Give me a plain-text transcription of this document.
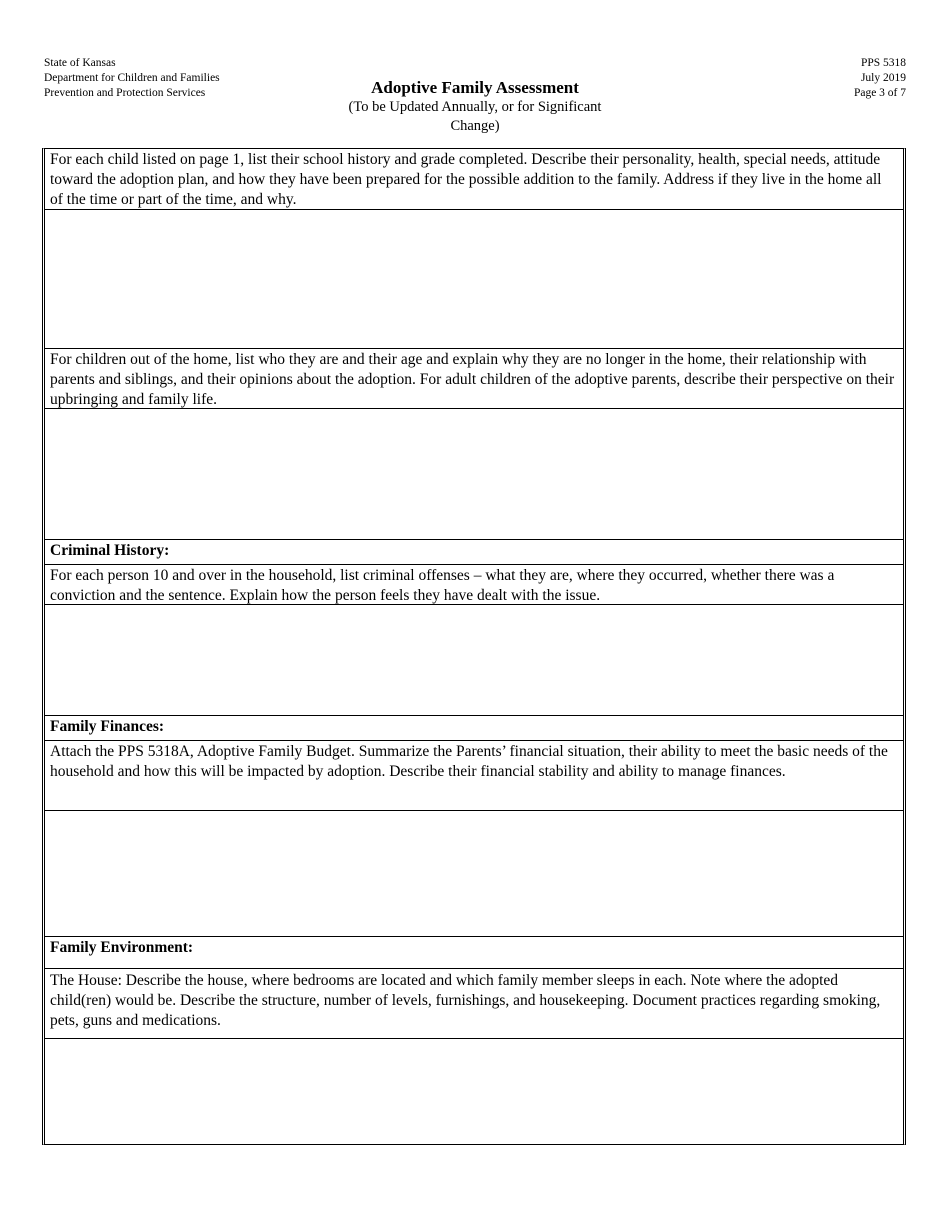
State of Kansas
Department for Children and Families
Prevention and Protection Services	Adoptive Family Assessment
(To be Updated Annually, or for Significant
Change)
PPS 5318
July 2019
Page 3 of 7
For each child listed on page 1, list their school history and grade completed. Describe their personality, health, special needs, attitude toward the adoption plan, and how they have been prepared for the possible addition to the family. Address if they live in the home all of the time or part of the time, and why.
For children out of the home, list who they are and their age and explain why they are no longer in the home, their relationship with parents and siblings, and their opinions about the adoption. For adult children of the adoptive parents, describe their perspective on their upbringing and family life.
Criminal History:
For each person 10 and over in the household, list criminal offenses – what they are, where they occurred, whether there was a conviction and the sentence. Explain how the person feels they have dealt with the issue.
Family Finances:
Attach the PPS 5318A, Adoptive Family Budget. Summarize the Parents’ financial situation, their ability to meet the basic needs of the household and how this will be impacted by adoption. Describe their financial stability and ability to manage finances.
Family Environment:
The House: Describe the house, where bedrooms are located and which family member sleeps in each. Note where the adopted child(ren) would be. Describe the structure, number of levels, furnishings, and housekeeping. Document practices regarding smoking, pets, guns and medications.
